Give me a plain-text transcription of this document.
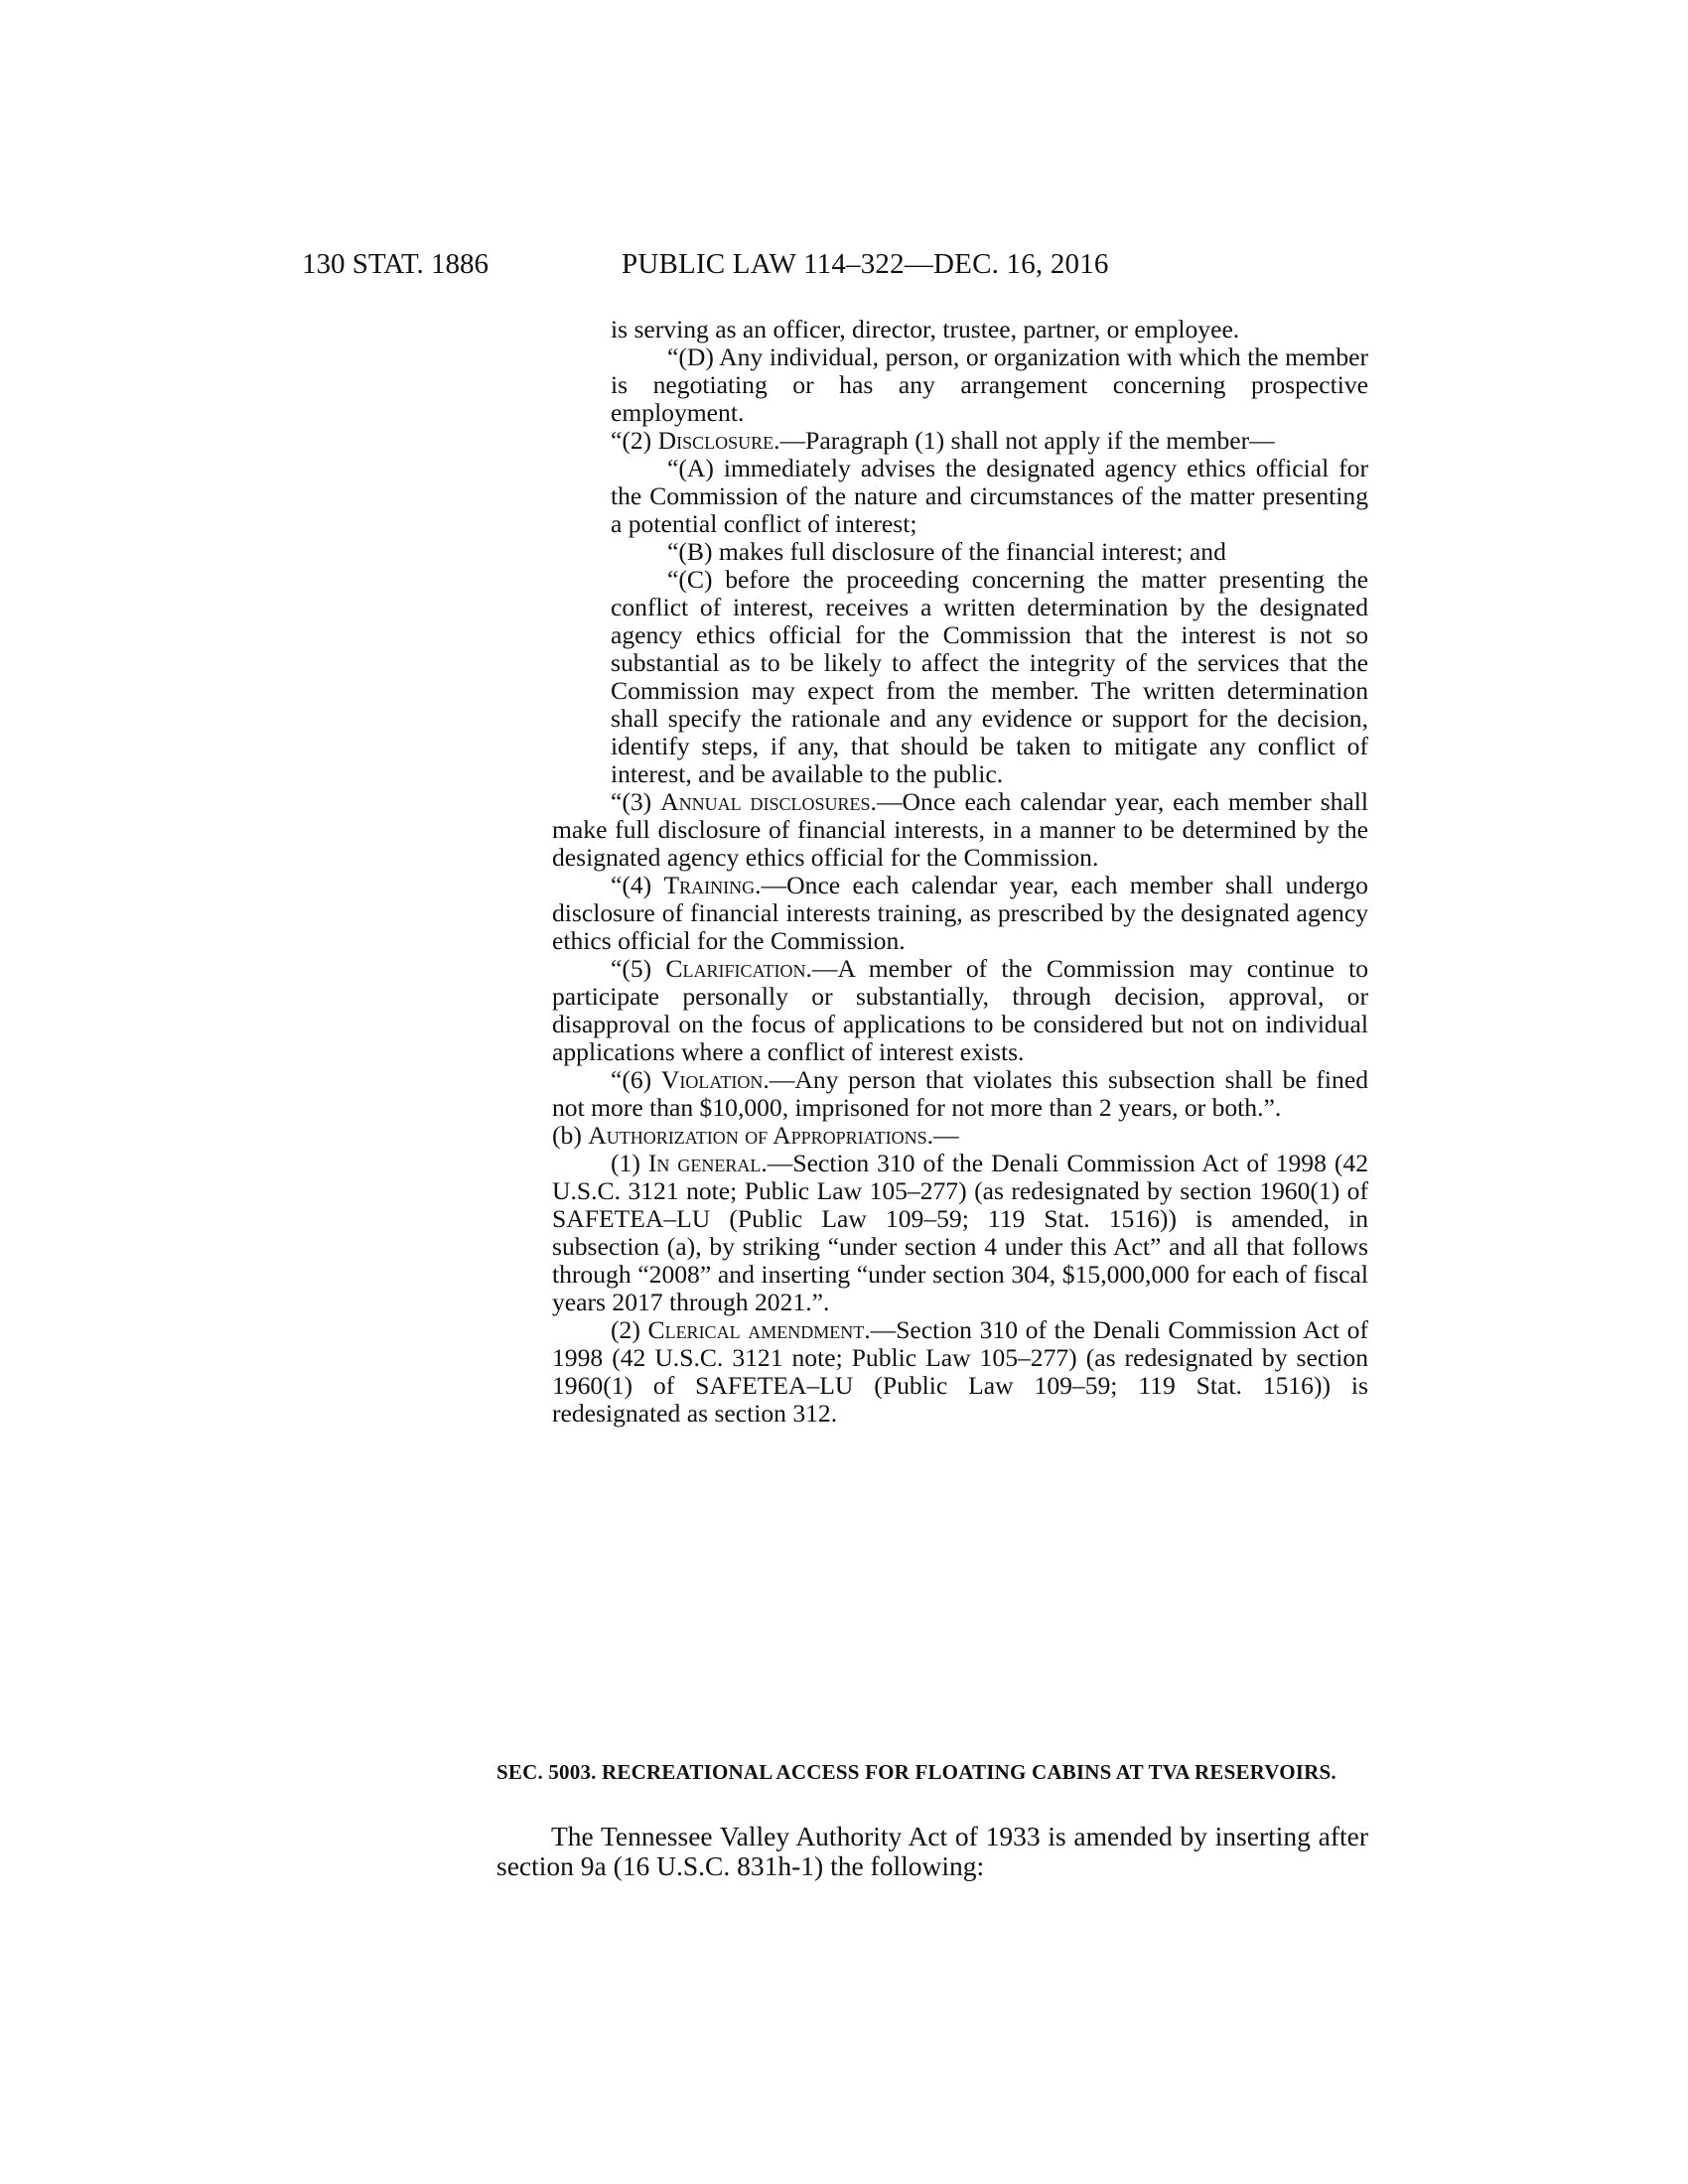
130 STAT. 1886	PUBLIC LAW 114–322—DEC. 16, 2016

is serving as an officer, director, trustee, partner, or employee.

“(D) Any individual, person, or organization with which the member is negotiating or has any arrangement concerning prospective employment.

“(2) Disclosure.—Paragraph (1) shall not apply if the member—

“(A) immediately advises the designated agency ethics official for the Commission of the nature and circumstances of the matter presenting a potential conflict of interest;

“(B) makes full disclosure of the financial interest; and

“(C) before the proceeding concerning the matter presenting the conflict of interest, receives a written determination by the designated agency ethics official for the Commission that the interest is not so substantial as to be likely to affect the integrity of the services that the Commission may expect from the member. The written determination shall specify the rationale and any evidence or support for the decision, identify steps, if any, that should be taken to mitigate any conflict of interest, and be available to the public.

“(3) Annual disclosures.—Once each calendar year, each member shall make full disclosure of financial interests, in a manner to be determined by the designated agency ethics official for the Commission.

“(4) Training.—Once each calendar year, each member shall undergo disclosure of financial interests training, as prescribed by the designated agency ethics official for the Commission.

“(5) Clarification.—A member of the Commission may continue to participate personally or substantially, through decision, approval, or disapproval on the focus of applications to be considered but not on individual applications where a conflict of interest exists.

“(6) Violation.—Any person that violates this subsection shall be fined not more than $10,000, imprisoned for not more than 2 years, or both.”.

(b) Authorization of Appropriations.—

(1) In general.—Section 310 of the Denali Commission Act of 1998 (42 U.S.C. 3121 note; Public Law 105–277) (as redesignated by section 1960(1) of SAFETEA–LU (Public Law 109–59; 119 Stat. 1516)) is amended, in subsection (a), by striking “under section 4 under this Act” and all that follows through “2008” and inserting “under section 304, $15,000,000 for each of fiscal years 2017 through 2021.”.

(2) Clerical amendment.—Section 310 of the Denali Commission Act of 1998 (42 U.S.C. 3121 note; Public Law 105–277) (as redesignated by section 1960(1) of SAFETEA–LU (Public Law 109–59; 119 Stat. 1516)) is redesignated as section 312.

SEC. 5003. RECREATIONAL ACCESS FOR FLOATING CABINS AT TVA RESERVOIRS.

The Tennessee Valley Authority Act of 1933 is amended by inserting after section 9a (16 U.S.C. 831h-1) the following:
